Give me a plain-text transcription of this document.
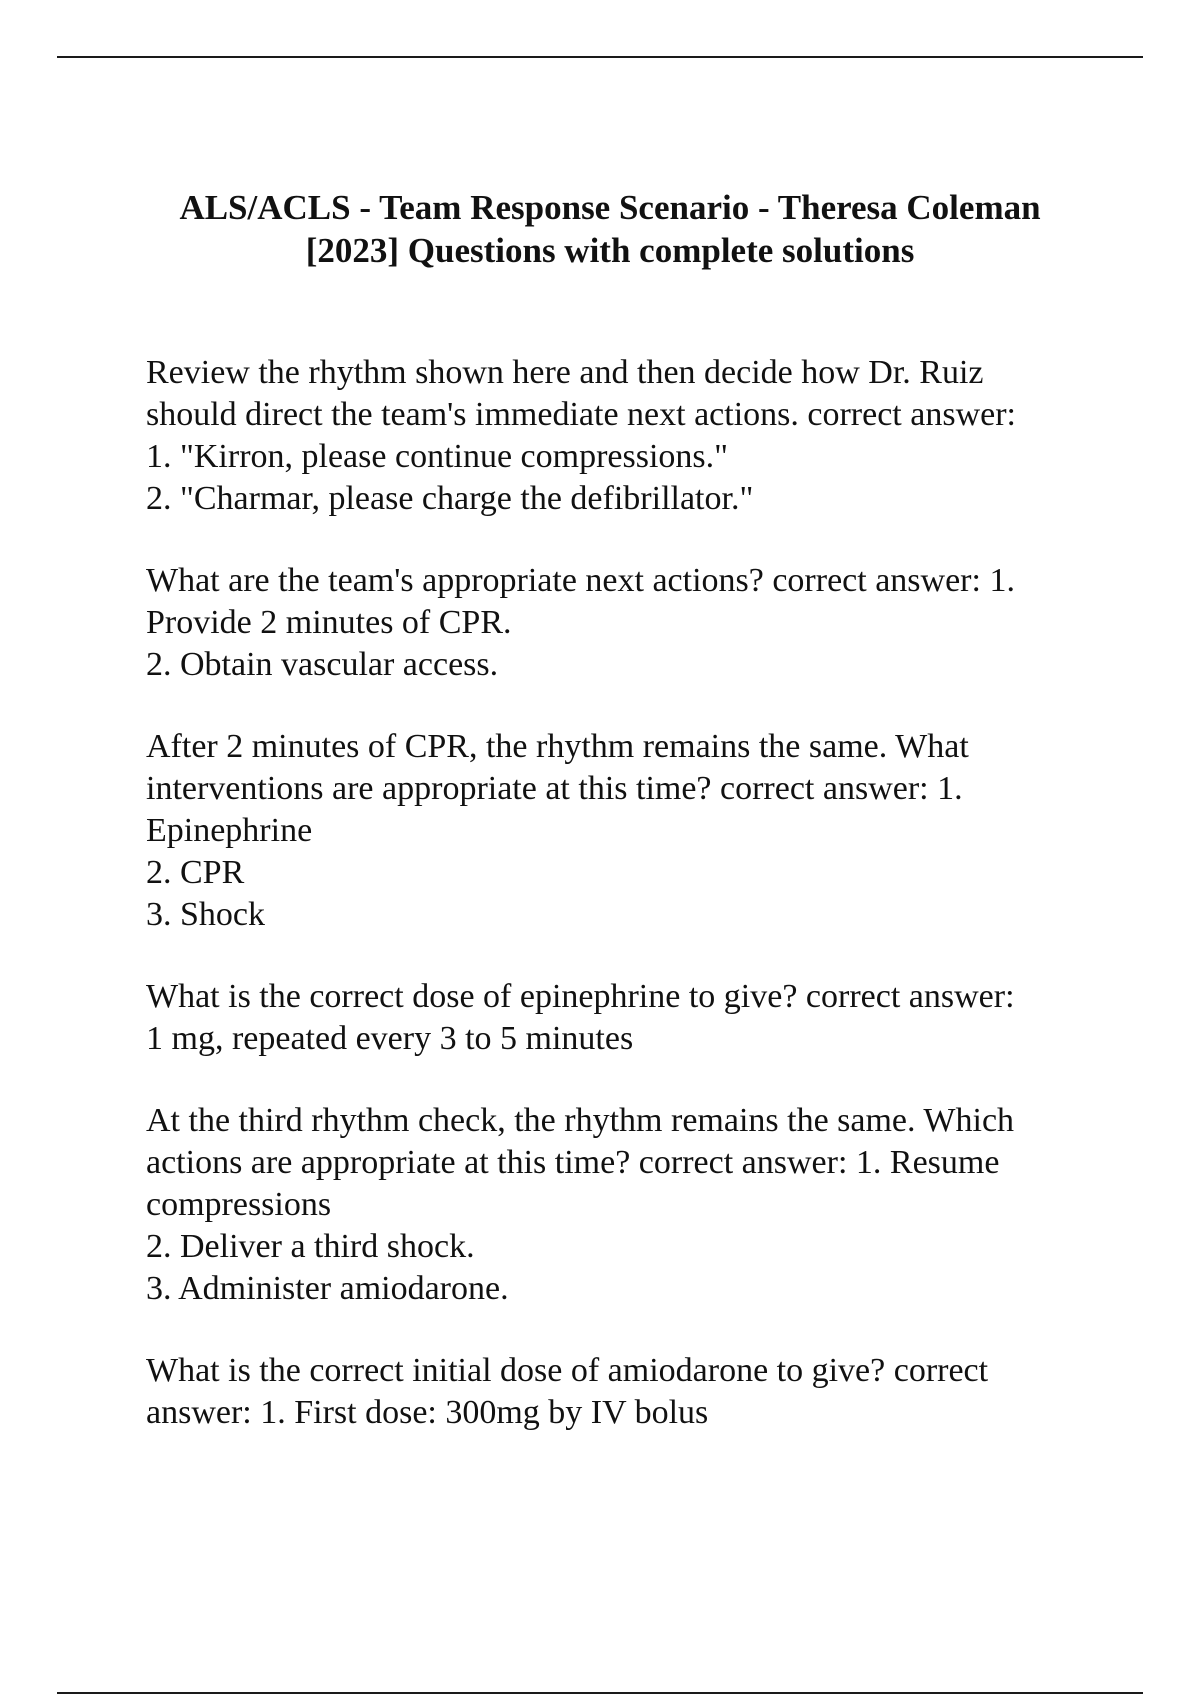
ALS/ACLS - Team Response Scenario - Theresa Coleman
[2023] Questions with complete solutions

Review the rhythm shown here and then decide how Dr. Ruiz
should direct the team's immediate next actions. correct answer:
1. "Kirron, please continue compressions."
2. "Charmar, please charge the defibrillator."

What are the team's appropriate next actions? correct answer: 1.
Provide 2 minutes of CPR.
2. Obtain vascular access.

After 2 minutes of CPR, the rhythm remains the same. What
interventions are appropriate at this time? correct answer: 1.
Epinephrine
2. CPR
3. Shock

What is the correct dose of epinephrine to give? correct answer:
1 mg, repeated every 3 to 5 minutes

At the third rhythm check, the rhythm remains the same. Which
actions are appropriate at this time? correct answer: 1. Resume
compressions
2. Deliver a third shock.
3. Administer amiodarone.

What is the correct initial dose of amiodarone to give? correct
answer: 1. First dose: 300mg by IV bolus
